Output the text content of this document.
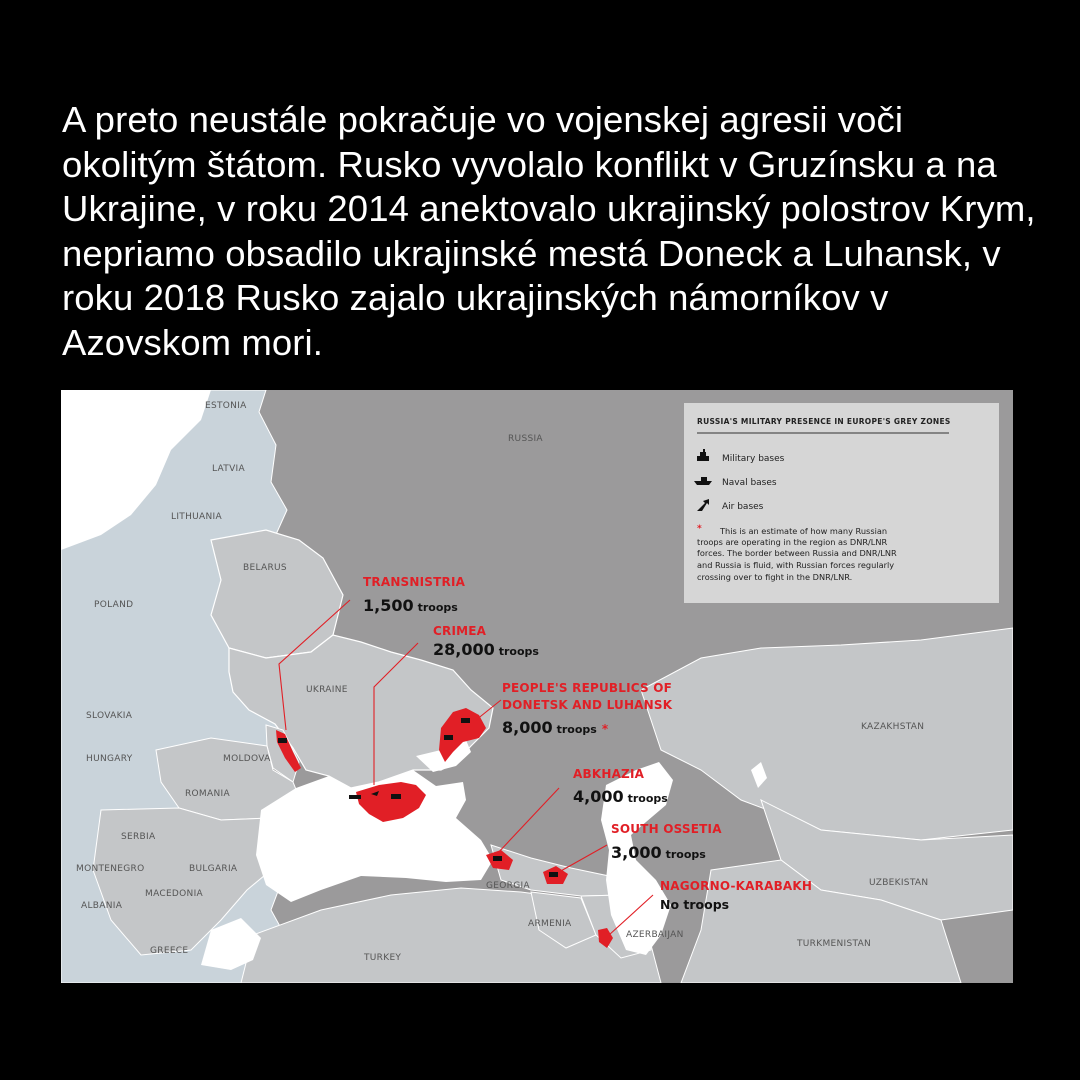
A preto neustále pokračuje vo vojenskej agresii voči okolitým štátom. Rusko vyvolalo konflikt v Gruzínsku a na Ukrajine, v roku 2014 anektovalo ukrajinský polostrov Krym, nepriamo obsadilo ukrajinské mestá Doneck a Luhansk, v roku 2018 Rusko zajalo ukrajinských námorníkov v Azovskom mori.

ESTONIA
LATVIA
LITHUANIA
BELARUS
POLAND
RUSSIA
UKRAINE
SLOVAKIA
HUNGARY	MOLDOVA
ROMANIA
SERBIA
MONTENEGRO	BULGARIA
MACEDONIA
ALBANIA
GREECE
TURKEY
GEORGIA
ARMENIA
AZERBAIJAN
KAZAKHSTAN
UZBEKISTAN
TURKMENISTAN
TRANSNISTRIA
1,500 troops
CRIMEA
28,000 troops
PEOPLE'S REPUBLICS OF
DONETSK AND LUHANSK
8,000 troops *
ABKHAZIA
4,000 troops
SOUTH OSSETIA
3,000 troops
NAGORNO-KARABAKH
No troops
RUSSIA'S MILITARY PRESENCE IN EUROPE'S GREY ZONES
Military bases
Naval bases
Air bases
* This is an estimate of how many Russian
troops are operating in the region as DNR/LNR
forces. The border between Russia and DNR/LNR
and Russia is fluid, with Russian forces regularly
crossing over to fight in the DNR/LNR.
